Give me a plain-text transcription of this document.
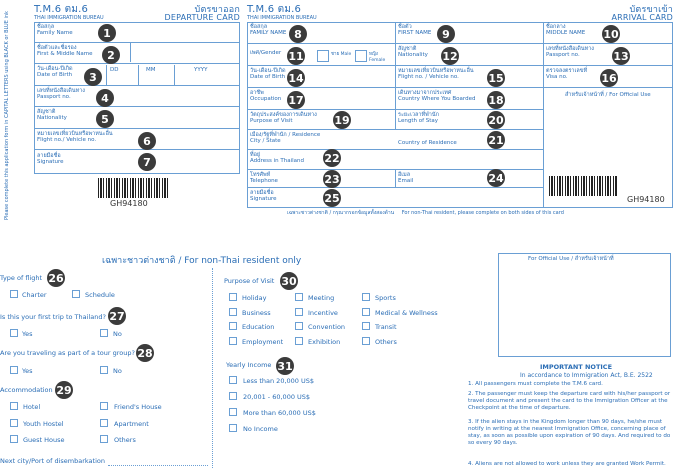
Please complete this application form in CAPITAL LETTERS using BLACK or BLUE ink
T.M.6 ตม.6
THAI IMMIGRATION BUREAU
บัตรขาออก
DEPARTURE CARD
ชื่อสกุล
Family Name	1
ชื่อตัวและชื่อรอง
First & Middle Name	2
วัน-เดือน-ปีเกิด
Date of Birth	3
DD	MM	YYYY
เลขที่หนังสือเดินทาง
Passport no.	4
สัญชาติ
Nationality	5
หมายเลขเที่ยวบินหรือพาหนะอื่น
Flight no./ Vehicle no.	6
ลายมือชื่อ
Signature	7
GH94180
T.M.6 ตม.6
THAI IMMIGRATION BUREAU
บัตรขาเข้า
ARRIVAL CARD
ชื่อสกุล
FAMILY NAME 8
ชื่อตัว
FIRST NAME 9
ชื่อกลาง
MIDDLE NAME 10
เพศ/Gender 11	ชาย Male	หญิง Female
สัญชาติ
Nationality 12
เลขที่หนังสือเดินทาง
Passport no.	13
วัน-เดือน-ปีเกิด
Date of Birth 14
หมายเลขเที่ยวบินหรือพาหนะอื่น
Flight no. / Vehicle no.	15
ตรวจลงตราเลขที่
Visa no.	16
อาชีพ
Occupation 17
เดินทางมาจากประเทศ
Country Where You Boarded 18
วัตถุประสงค์ของการเดินทาง
Purpose of Visit	19	ระยะเวลาที่พำนัก
Length of Stay	20
เมือง/รัฐที่พำนัก / Residence
City / State	Country of Residence	21
ที่อยู่
Address in Thailand 22
โทรศัพท์
Telephone	23	อีเมล
Email	24
ลายมือชื่อ
Signature	25
สำหรับเจ้าหน้าที่ / For Official Use
GH94180
เฉพาะชาวต่างชาติ / กรุณากรอกข้อมูลทั้งสองด้าน For non-Thai resident, please complete on both sides of this card
เฉพาะชาวต่างชาติ / For non-Thai resident only
Type of flight 26
Charter	Schedule
Is this your first trip to Thailand? 27
Yes	No
Are you traveling as part of a tour group? 28
Yes	No
Accommodation 29
Hotel	Friend's House
Youth Hostel	Apartment
Guest House	Others
Next city/Port of disembarkation
Purpose of Visit 30
Holiday	Meeting	Sports
Business	Incentive	Medical & Wellness
Education	Convention	Transit
Employment	Exhibition	Others
Yearly Income 31
Less than 20,000 US$
20,001 - 60,000 US$
More than 60,000 US$
No Income
For Official Use / สำหรับเจ้าหน้าที่
IMPORTANT NOTICE
In accordance to Immigration Act, B.E. 2522
1. All passengers must complete the T.M.6 card.
2. The passenger must keep the departure card with his/her passport or travel document and present the card to the Immigration Officer at the Checkpoint at the time of departure.
3. If the alien stays in the Kingdom longer than 90 days, he/she must notify in writing at the nearest Immigration Office, concerning place of stay, as soon as possible upon expiration of 90 days. And required to do so every 90 days.
4. Aliens are not allowed to work unless they are granted Work Permit.
